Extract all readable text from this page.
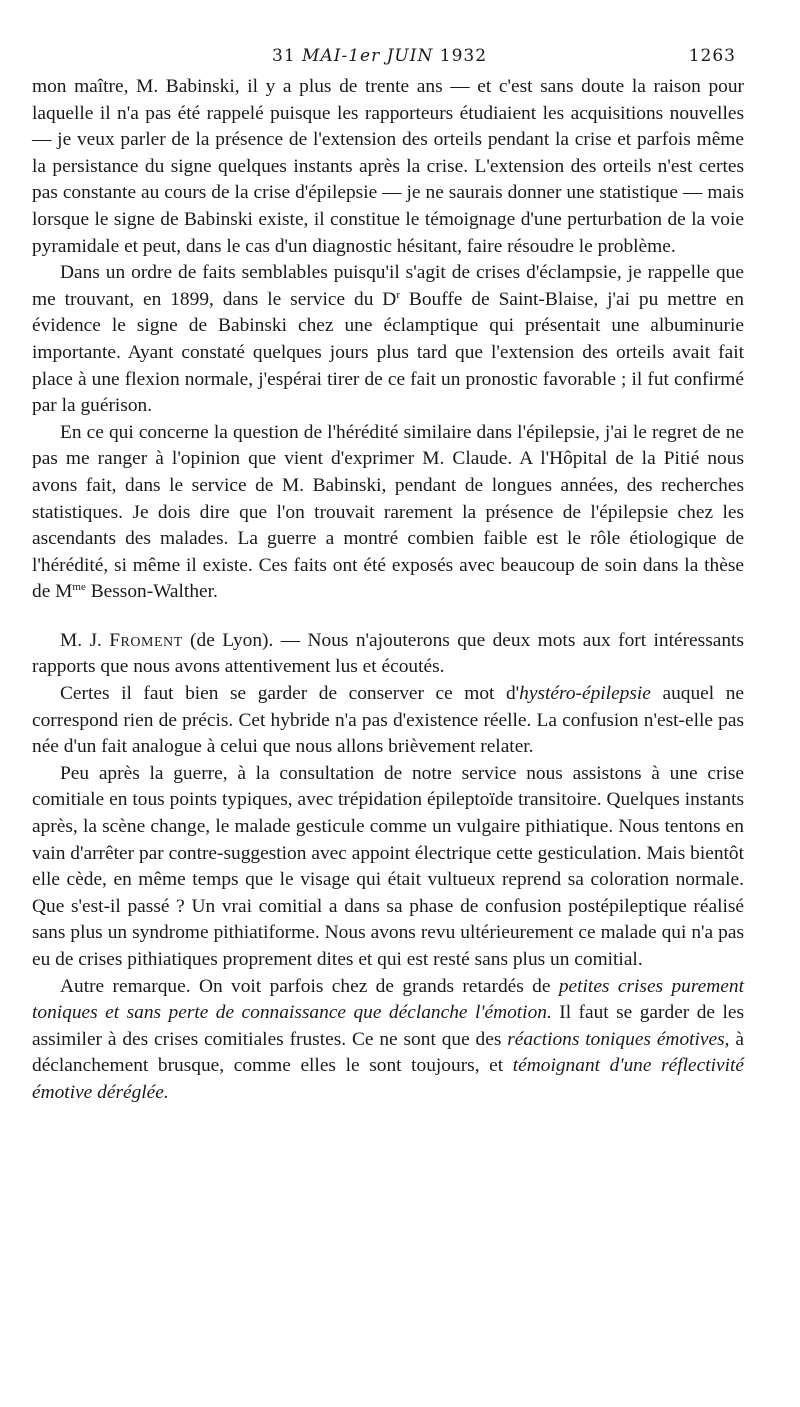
31 MAI-1er JUIN 1932	1263

mon maître, M. Babinski, il y a plus de trente ans — et c'est sans doute la raison pour laquelle il n'a pas été rappelé puisque les rapporteurs étudiaient les acquisitions nouvelles — je veux parler de la présence de l'extension des orteils pendant la crise et parfois même la persistance du signe quelques instants après la crise. L'extension des orteils n'est certes pas constante au cours de la crise d'épilepsie — je ne saurais donner une statistique — mais lorsque le signe de Babinski existe, il constitue le témoignage d'une perturbation de la voie pyramidale et peut, dans le cas d'un diagnostic hésitant, faire résoudre le problème.

Dans un ordre de faits semblables puisqu'il s'agit de crises d'éclampsie, je rappelle que me trouvant, en 1899, dans le service du $D^r$ Bouffe de Saint-Blaise, j'ai pu mettre en évidence le signe de Babinski chez une éclamptique qui présentait une albuminurie importante. Ayant constaté quelques jours plus tard que l'extension des orteils avait fait place à une flexion normale, j'espérai tirer de ce fait un pronostic favorable ; il fut confirmé par la guérison.

En ce qui concerne la question de l'hérédité similaire dans l'épilepsie, j'ai le regret de ne pas me ranger à l'opinion que vient d'exprimer M. Claude. A l'Hôpital de la Pitié nous avons fait, dans le service de M. Babinski, pendant de longues années, des recherches statistiques. Je dois dire que l'on trouvait rarement la présence de l'épilepsie chez les ascendants des malades. La guerre a montré combien faible est le rôle étiologique de l'hérédité, si même il existe. Ces faits ont été exposés avec beaucoup de soin dans la thèse de $M^{me}$ Besson-Walther.

M. J. Froment (de Lyon). — Nous n'ajouterons que deux mots aux fort intéressants rapports que nous avons attentivement lus et écoutés.

Certes il faut bien se garder de conserver ce mot d'hystéro-épilepsie auquel ne correspond rien de précis. Cet hybride n'a pas d'existence réelle. La confusion n'est-elle pas née d'un fait analogue à celui que nous allons brièvement relater.

Peu après la guerre, à la consultation de notre service nous assistons à une crise comitiale en tous points typiques, avec trépidation épileptoïde transitoire. Quelques instants après, la scène change, le malade gesticule comme un vulgaire pithiatique. Nous tentons en vain d'arrêter par contre-suggestion avec appoint électrique cette gesticulation. Mais bientôt elle cède, en même temps que le visage qui était vultueux reprend sa coloration normale. Que s'est-il passé ? Un vrai comitial a dans sa phase de confusion postépileptique réalisé sans plus un syndrome pithiatiforme. Nous avons revu ultérieurement ce malade qui n'a pas eu de crises pithiatiques proprement dites et qui est resté sans plus un comitial.

Autre remarque. On voit parfois chez de grands retardés de petites crises purement toniques et sans perte de connaissance que déclanche l'émotion. Il faut se garder de les assimiler à des crises comitiales frustes. Ce ne sont que des réactions toniques émotives, à déclanchement brusque, comme elles le sont toujours, et témoignant d'une réflectivité émotive déréglée.
